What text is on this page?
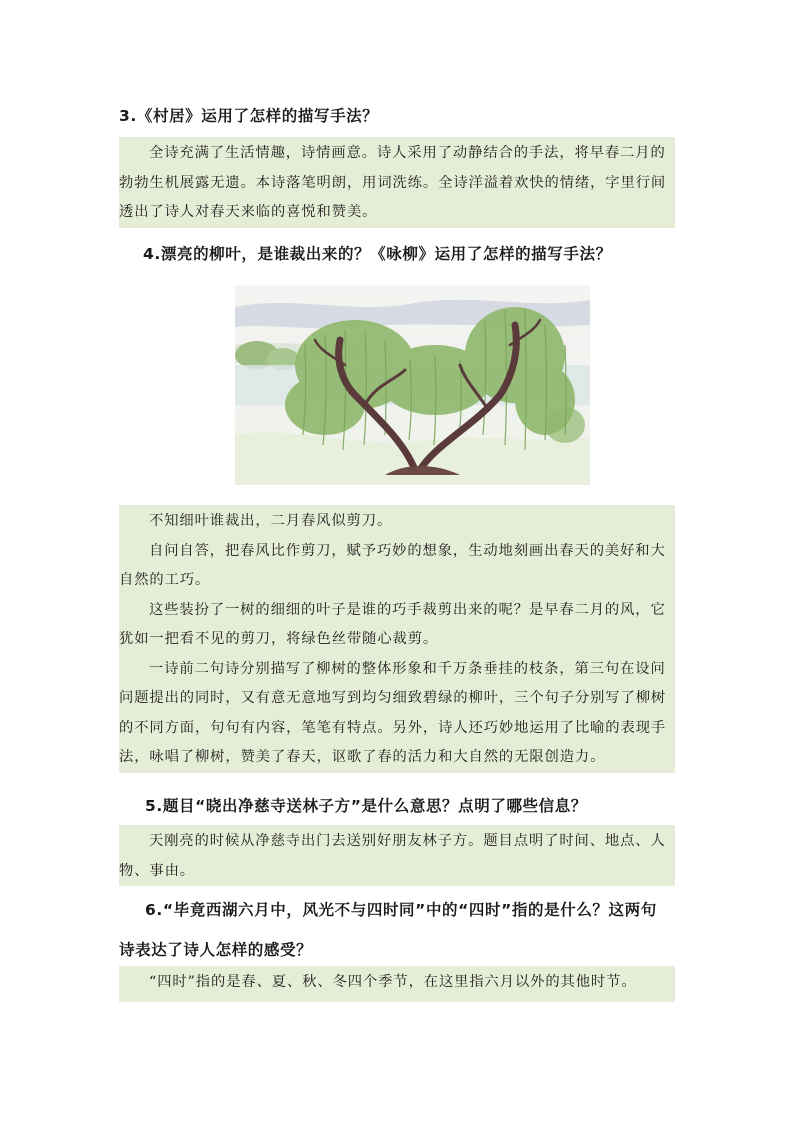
3.《村居》运用了怎样的描写手法？

全诗充满了生活情趣，诗情画意。诗人采用了动静结合的手法，将早春二月的勃勃生机展露无遗。本诗落笔明朗，用词洗练。全诗洋溢着欢快的情绪，字里行间透出了诗人对春天来临的喜悦和赞美。

4.漂亮的柳叶，是谁裁出来的？《咏柳》运用了怎样的描写手法？

不知细叶谁裁出，二月春风似剪刀。

自问自答，把春风比作剪刀，赋予巧妙的想象，生动地刻画出春天的美好和大自然的工巧。

这些装扮了一树的细细的叶子是谁的巧手裁剪出来的呢？是早春二月的风，它犹如一把看不见的剪刀，将绿色丝带随心裁剪。

一诗前二句诗分别描写了柳树的整体形象和千万条垂挂的枝条，第三句在设问问题提出的同时，又有意无意地写到均匀细致碧绿的柳叶，三个句子分别写了柳树的不同方面，句句有内容，笔笔有特点。另外，诗人还巧妙地运用了比喻的表现手法，咏唱了柳树，赞美了春天，讴歌了春的活力和大自然的无限创造力。

5.题目“晓出净慈寺送林子方”是什么意思？点明了哪些信息？

天刚亮的时候从净慈寺出门去送别好朋友林子方。题目点明了时间、地点、人物、事由。

6.“毕竟西湖六月中，风光不与四时同”中的“四时”指的是什么？这两句诗表达了诗人怎样的感受？

“四时”指的是春、夏、秋、冬四个季节，在这里指六月以外的其他时节。
